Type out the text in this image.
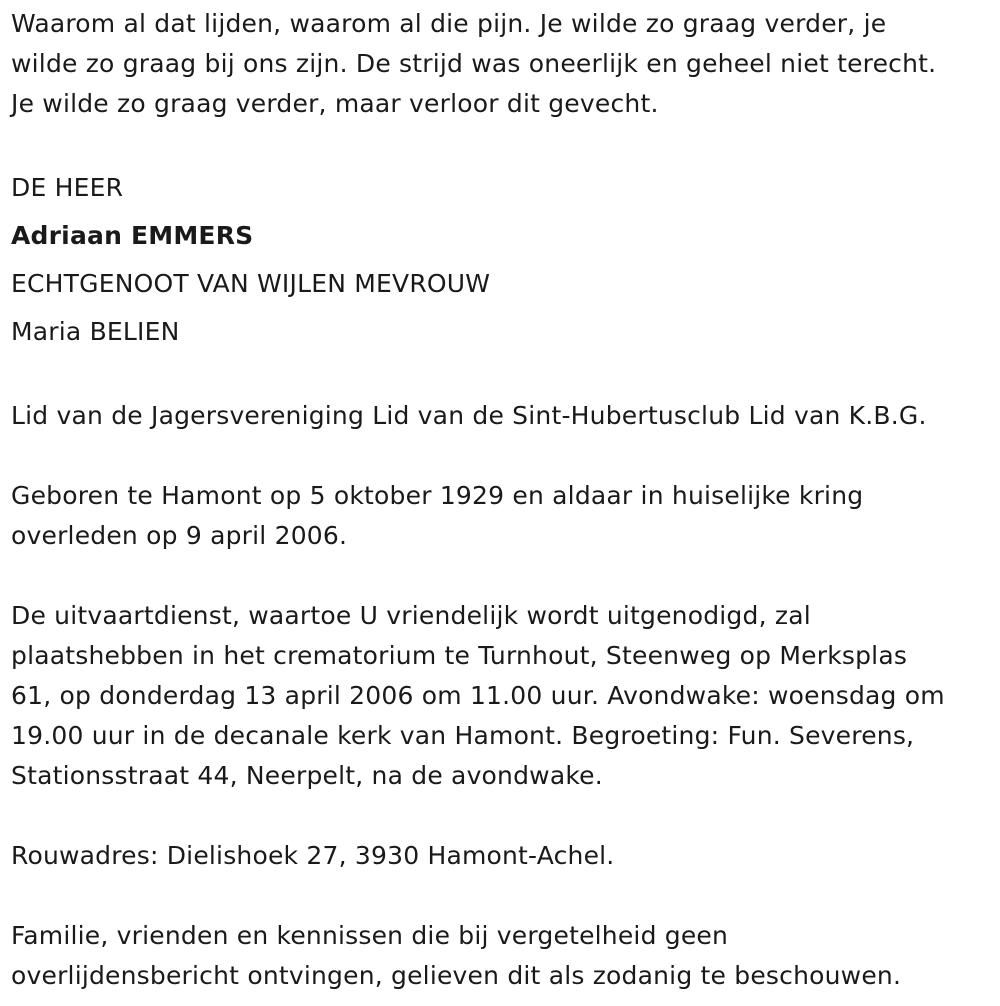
Waarom al dat lijden, waarom al die pijn. Je wilde zo graag verder, je
wilde zo graag bij ons zijn. De strijd was oneerlijk en geheel niet terecht.
Je wilde zo graag verder, maar verloor dit gevecht.

DE HEER
Adriaan EMMERS
ECHTGENOOT VAN WIJLEN MEVROUW
Maria BELIEN

Lid van de Jagersvereniging Lid van de Sint-Hubertusclub Lid van K.B.G.

Geboren te Hamont op 5 oktober 1929 en aldaar in huiselijke kring
overleden op 9 april 2006.

De uitvaartdienst, waartoe U vriendelijk wordt uitgenodigd, zal
plaatshebben in het crematorium te Turnhout, Steenweg op Merksplas
61, op donderdag 13 april 2006 om 11.00 uur. Avondwake: woensdag om
19.00 uur in de decanale kerk van Hamont. Begroeting: Fun. Severens,
Stationsstraat 44, Neerpelt, na de avondwake.

Rouwadres: Dielishoek 27, 3930 Hamont-Achel.

Familie, vrienden en kennissen die bij vergetelheid geen
overlijdensbericht ontvingen, gelieven dit als zodanig te beschouwen.
